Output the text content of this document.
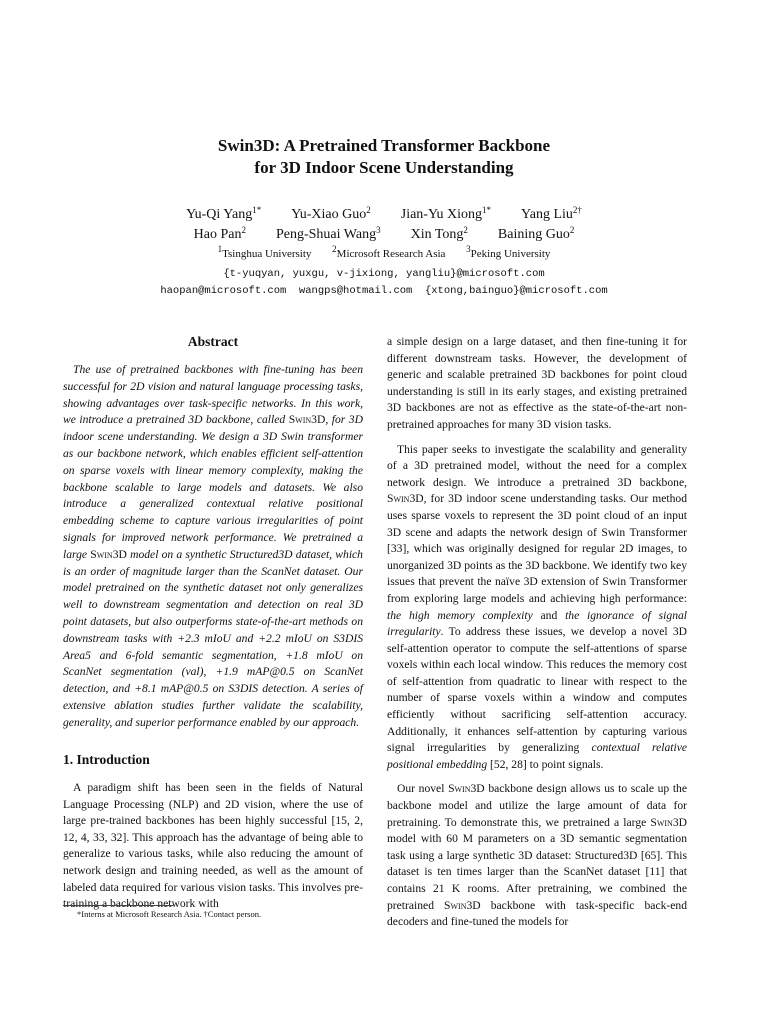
Swin3D: A Pretrained Transformer Backbone
for 3D Indoor Scene Understanding
Yu-Qi Yang$^{1*}$ Yu-Xiao Guo$^2$ Jian-Yu Xiong$^{1*}$ Yang Liu$^{2\dagger}$
Hao Pan$^2$ Peng-Shuai Wang$^3$ Xin Tong$^2$ Baining Guo$^2$
$^1$Tsinghua University $^2$Microsoft Research Asia $^3$Peking University
{t-yuqyan, yuxgu, v-jixiong, yangliu}@microsoft.com
haopan@microsoft.com  wangps@hotmail.com  {xtong,bainguo}@microsoft.com
Abstract

The use of pretrained backbones with fine-tuning has been successful for 2D vision and natural language processing tasks, showing advantages over task-specific networks. In this work, we introduce a pretrained 3D backbone, called Swin3D, for 3D indoor scene understanding. We design a 3D Swin transformer as our backbone network, which enables efficient self-attention on sparse voxels with linear memory complexity, making the backbone scalable to large models and datasets. We also introduce a generalized contextual relative positional embedding scheme to capture various irregularities of point signals for improved network performance. We pretrained a large Swin3D model on a synthetic Structured3D dataset, which is an order of magnitude larger than the ScanNet dataset. Our model pretrained on the synthetic dataset not only generalizes well to downstream segmentation and detection on real 3D point datasets, but also outperforms state-of-the-art methods on downstream tasks with +2.3 mIoU and +2.2 mIoU on S3DIS Area5 and 6-fold semantic segmentation, +1.8 mIoU on ScanNet segmentation (val), +1.9 mAP@0.5 on ScanNet detection, and +8.1 mAP@0.5 on S3DIS detection. A series of extensive ablation studies further validate the scalability, generality, and superior performance enabled by our approach.

1. Introduction

A paradigm shift has been seen in the fields of Natural Language Processing (NLP) and 2D vision, where the use of large pre-trained backbones has been highly successful [15, 2, 12, 4, 33, 32]. This approach has the advantage of being able to generalize to various tasks, while also reducing the amount of network design and training needed, as well as the amount of labeled data required for various vision tasks. This involves pre-training a backbone network with

*Interns at Microsoft Research Asia. †Contact person.

a simple design on a large dataset, and then fine-tuning it for different downstream tasks. However, the development of generic and scalable pretrained 3D backbones for point cloud understanding is still in its early stages, and existing pretrained 3D backbones are not as effective as the state-of-the-art non-pretrained approaches for many 3D vision tasks.

This paper seeks to investigate the scalability and generality of a 3D pretrained model, without the need for a complex network design. We introduce a pretrained 3D backbone, Swin3D, for 3D indoor scene understanding tasks. Our method uses sparse voxels to represent the 3D point cloud of an input 3D scene and adapts the network design of Swin Transformer [33], which was originally designed for regular 2D images, to unorganized 3D points as the 3D backbone. We identify two key issues that prevent the naïve 3D extension of Swin Transformer from exploring large models and achieving high performance: the high memory complexity and the ignorance of signal irregularity. To address these issues, we develop a novel 3D self-attention operator to compute the self-attentions of sparse voxels within each local window. This reduces the memory cost of self-attention from quadratic to linear with respect to the number of sparse voxels within a window and computes efficiently without sacrificing self-attention accuracy. Additionally, it enhances self-attention by capturing various signal irregularities by generalizing contextual relative positional embedding [52, 28] to point signals.

Our novel Swin3D backbone design allows us to scale up the backbone model and utilize the large amount of data for pretraining. To demonstrate this, we pretrained a large Swin3D model with 60 M parameters on a 3D semantic segmentation task using a large synthetic 3D dataset: Structured3D [65]. This dataset is ten times larger than the ScanNet dataset [11] that contains 21 K rooms. After pretraining, we combined the pretrained Swin3D backbone with task-specific back-end decoders and fine-tuned the models for
